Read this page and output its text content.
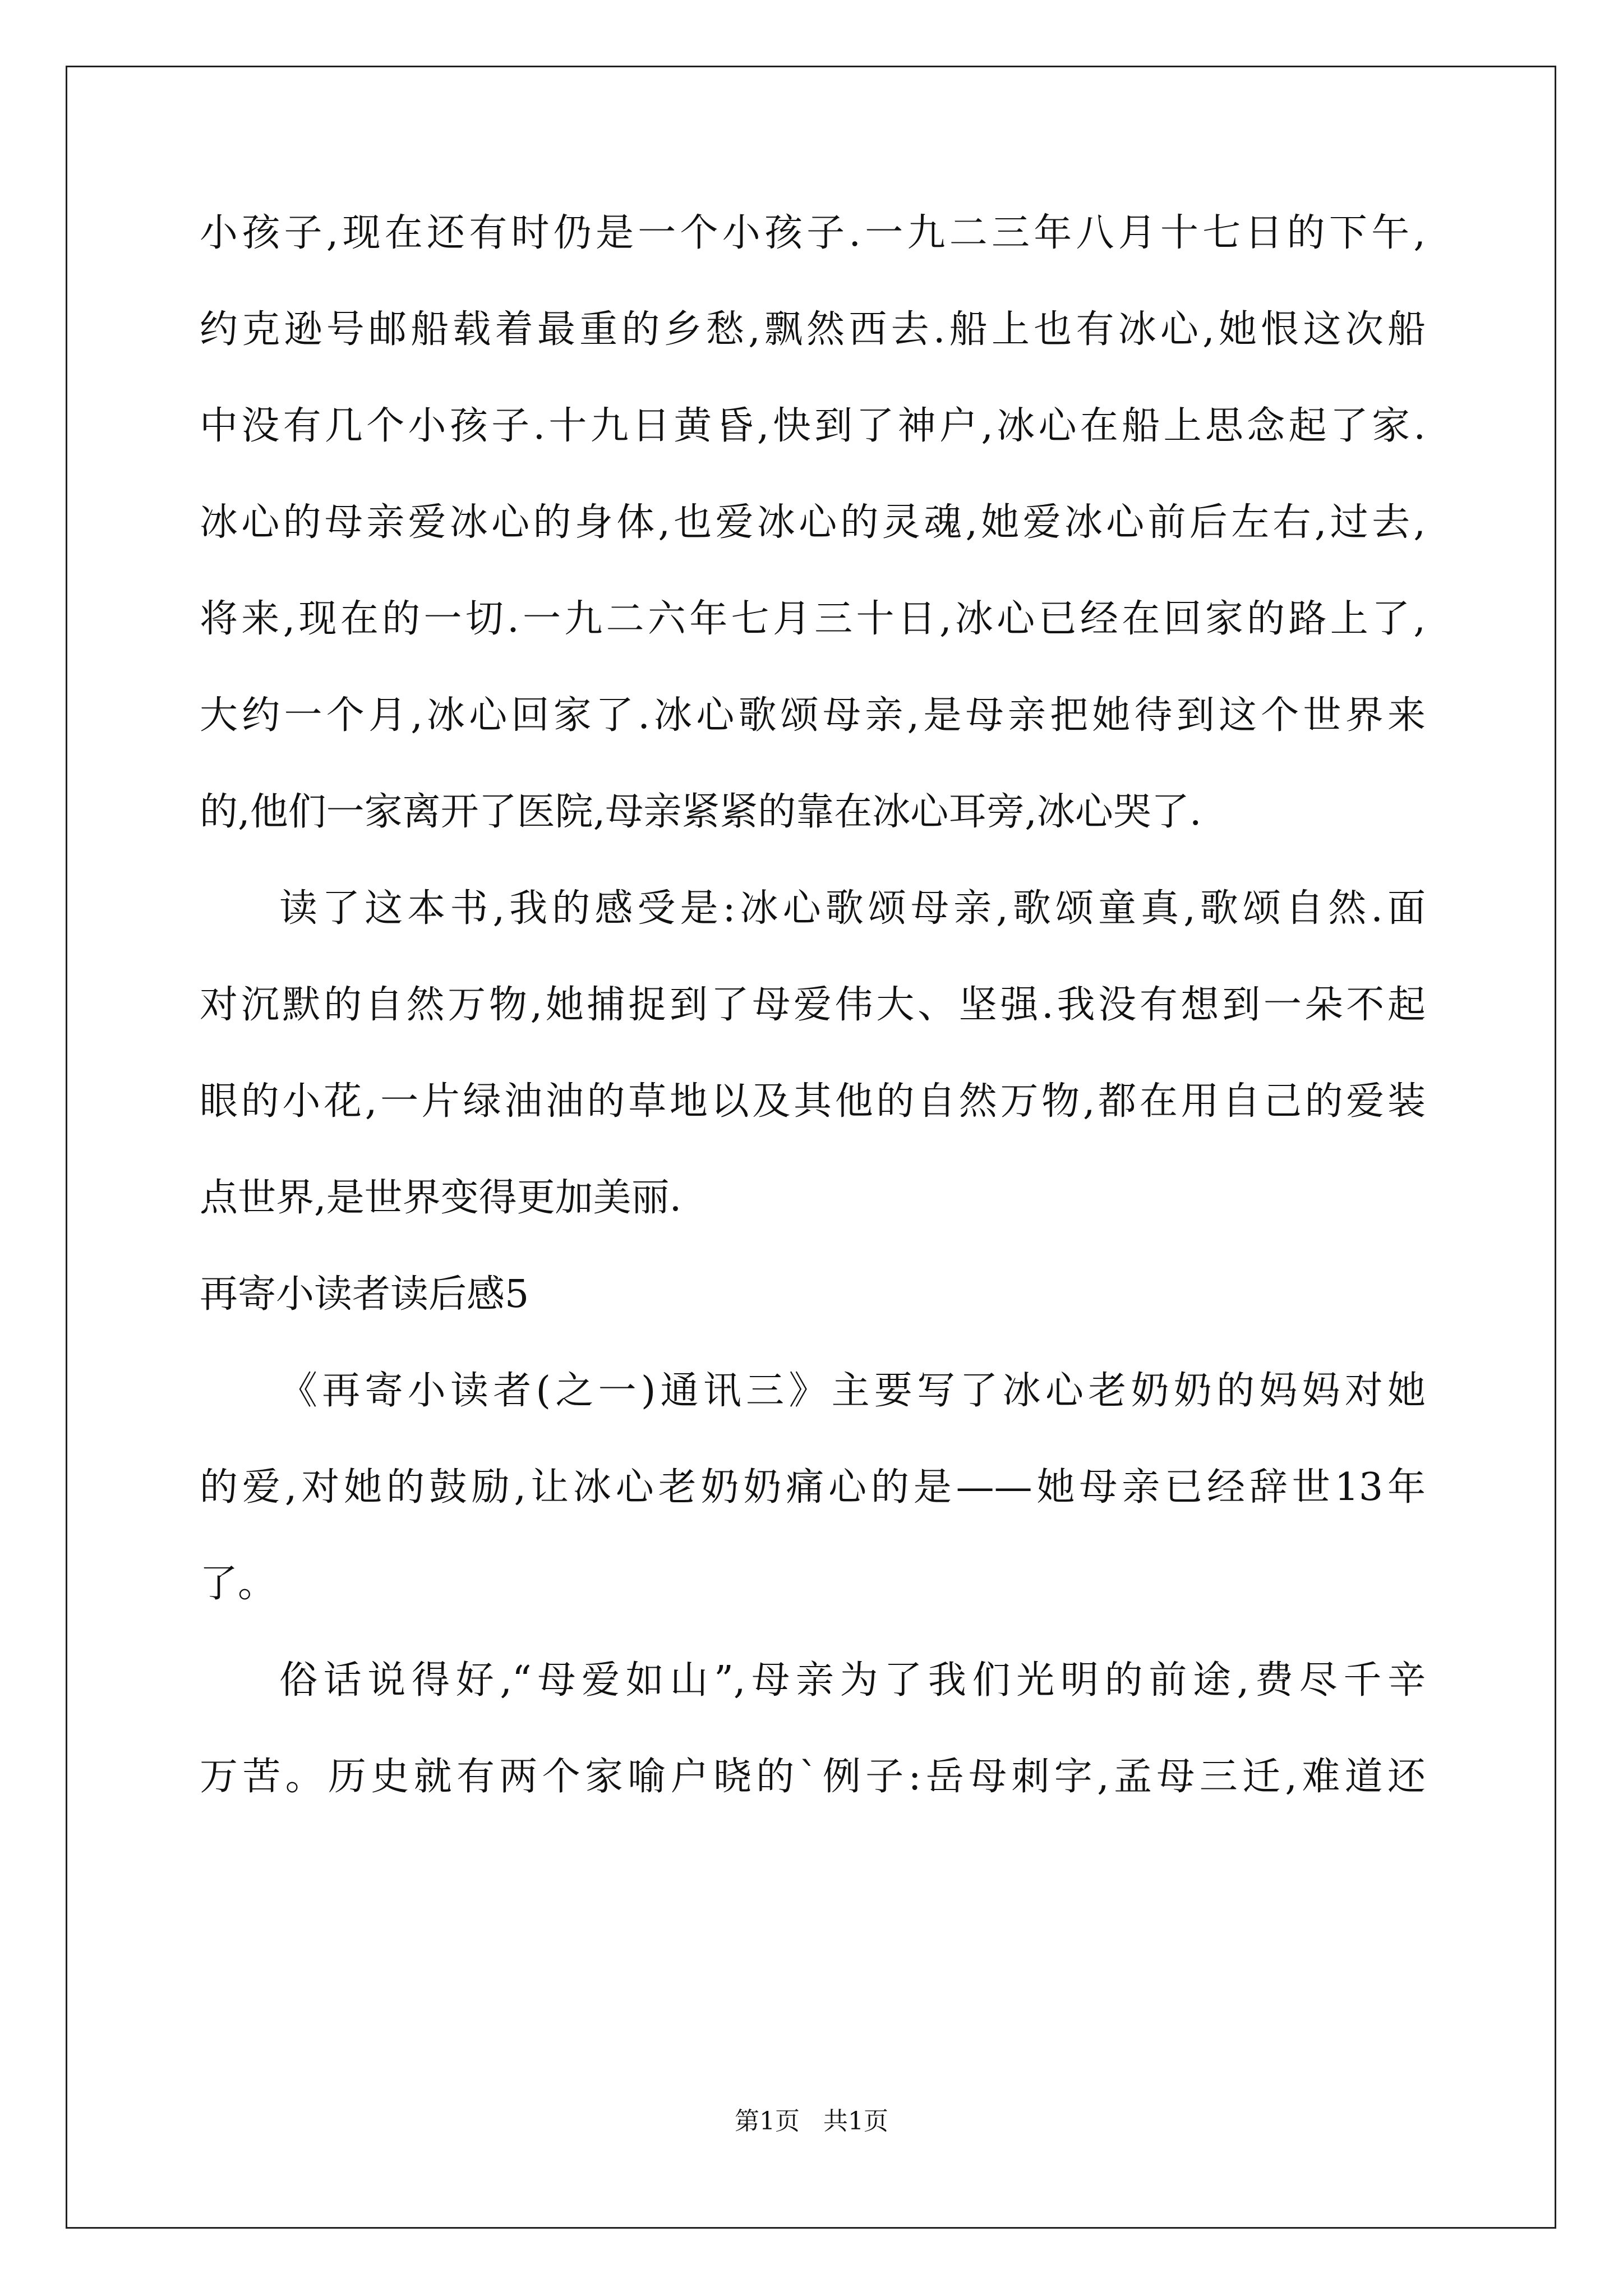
小孩子,现在还有时仍是一个小孩子.一九二三年八月十七日的下午,
约克逊号邮船载着最重的乡愁,飘然西去.船上也有冰心,她恨这次船
中没有几个小孩子.十九日黄昏,快到了神户,冰心在船上思念起了家.
冰心的母亲爱冰心的身体,也爱冰心的灵魂,她爱冰心前后左右,过去,
将来,现在的一切.一九二六年七月三十日,冰心已经在回家的路上了,
大约一个月,冰心回家了.冰心歌颂母亲,是母亲把她待到这个世界来
的,他们一家离开了医院,母亲紧紧的靠在冰心耳旁,冰心哭了.
读了这本书,我的感受是:冰心歌颂母亲,歌颂童真,歌颂自然.面
对沉默的自然万物,她捕捉到了母爱伟大、坚强.我没有想到一朵不起
眼的小花,一片绿油油的草地以及其他的自然万物,都在用自己的爱装
点世界,是世界变得更加美丽.
再寄小读者读后感5
《再寄小读者(之一)通讯三》主要写了冰心老奶奶的妈妈对她
的爱,对她的鼓励,让冰心老奶奶痛心的是——她母亲已经辞世13年
了。
俗话说得好,“母爱如山”,母亲为了我们光明的前途,费尽千辛
万苦。历史就有两个家喻户晓的`例子:岳母刺字,孟母三迁,难道还
第1页 共1页
